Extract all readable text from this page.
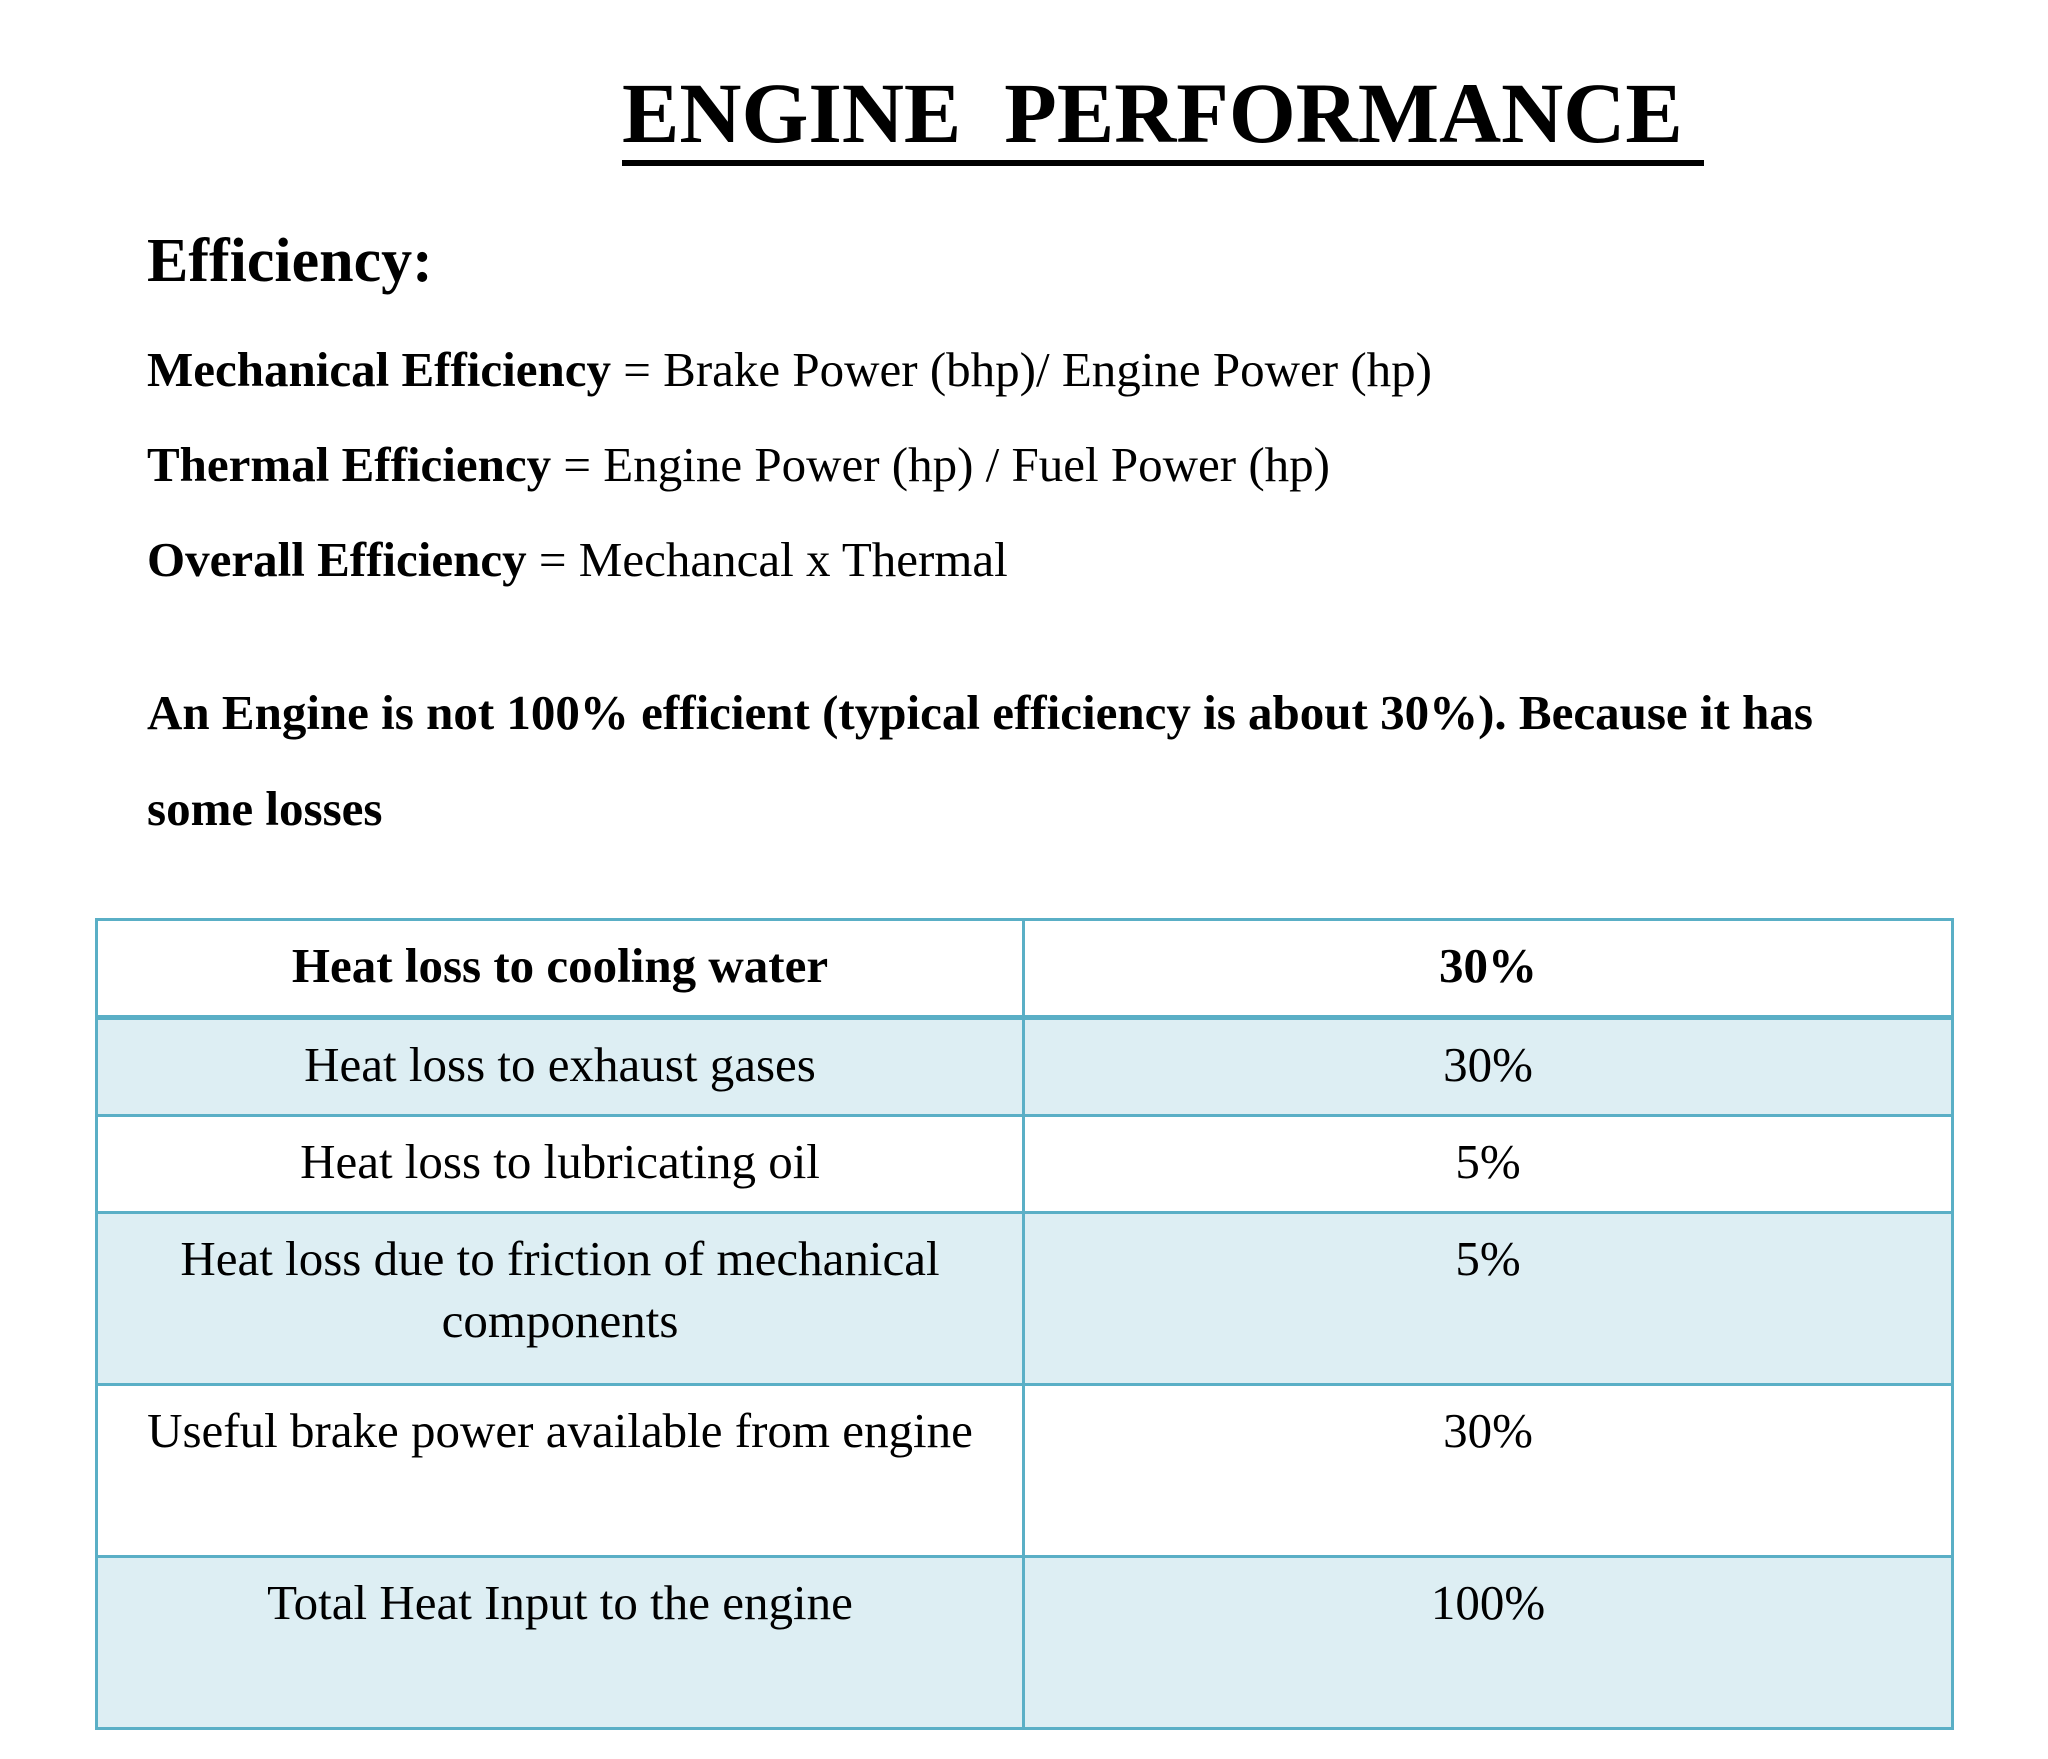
ENGINE  PERFORMANCE
Efficiency:

Mechanical Efficiency = Brake Power (bhp)/ Engine Power (hp)

Thermal Efficiency = Engine Power (hp) / Fuel Power (hp)

Overall Efficiency = Mechancal x Thermal

An Engine is not 100% efficient (typical efficiency is about 30%). Because it has some losses

Heat loss to cooling water	30%
Heat loss to exhaust gases	30%
Heat loss to lubricating oil	5%
Heat loss due to friction of mechanical components	5%
Useful brake power available from engine	30%
Total Heat Input to the engine	100%
